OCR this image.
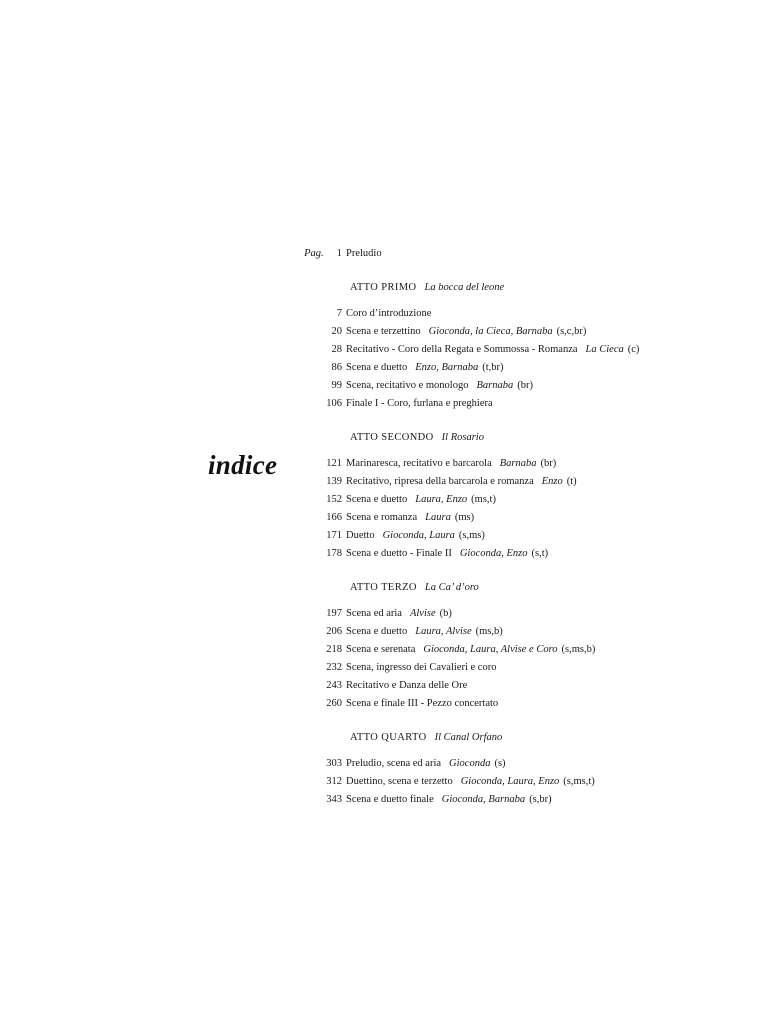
indice
Pag. 1 Preludio
ATTO PRIMO La bocca del leone
7 Coro d’introduzione
20 Scena e terzettino Gioconda, la Cieca, Barnaba (s,c,br)
28 Recitativo - Coro della Regata e Sommossa - Romanza La Cieca (c)
86 Scena e duetto Enzo, Barnaba (t,br)
99 Scena, recitativo e monologo Barnaba (br)
106 Finale I - Coro, furlana e preghiera
ATTO SECONDO Il Rosario
121 Marinaresca, recitativo e barcarola Barnaba (br)
139 Recitativo, ripresa della barcarola e romanza Enzo (t)
152 Scena e duetto Laura, Enzo (ms,t)
166 Scena e romanza Laura (ms)
171 Duetto Gioconda, Laura (s,ms)
178 Scena e duetto - Finale II Gioconda, Enzo (s,t)
ATTO TERZO La Ca’ d’oro
197 Scena ed aria Alvise (b)
206 Scena e duetto Laura, Alvise (ms,b)
218 Scena e serenata Gioconda, Laura, Alvise e Coro (s,ms,b)
232 Scena, ingresso dei Cavalieri e coro
243 Recitativo e Danza delle Ore
260 Scena e finale III - Pezzo concertato
ATTO QUARTO Il Canal Orfano
303 Preludio, scena ed aria Gioconda (s)
312 Duettino, scena e terzetto Gioconda, Laura, Enzo (s,ms,t)
343 Scena e duetto finale Gioconda, Barnaba (s,br)
